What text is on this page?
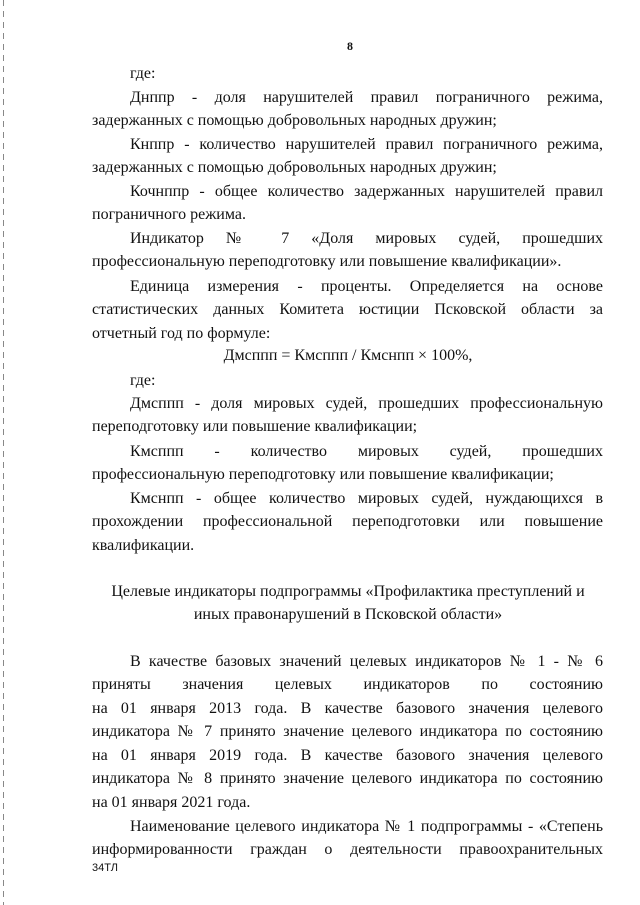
8
где:
Днппр - доля нарушителей правил пограничного режима,
задержанных с помощью добровольных народных дружин;
Кнппр - количество нарушителей правил пограничного режима,
задержанных с помощью добровольных народных дружин;
Кочнппр - общее количество задержанных нарушителей правил
пограничного режима.
Индикатор № 7 «Доля мировых судей, прошедших
профессиональную переподготовку или повышение квалификации».
Единица измерения - проценты. Определяется на основе
статистических данных Комитета юстиции Псковской области за
отчетный год по формуле:
Дмсппп = Кмсппп / Кмснпп × 100%,
где:
Дмсппп - доля мировых судей, прошедших профессиональную
переподготовку или повышение квалификации;
Кмсппп - количество мировых судей, прошедших
профессиональную переподготовку или повышение квалификации;
Кмснпп - общее количество мировых судей, нуждающихся в
прохождении профессиональной переподготовки или повышение
квалификации.
Целевые индикаторы подпрограммы «Профилактика преступлений и
иных правонарушений в Псковской области»
В качестве базовых значений целевых индикаторов № 1 - № 6
приняты значения целевых индикаторов по состоянию
на 01 января 2013 года. В качестве базового значения целевого
индикатора № 7 принято значение целевого индикатора по состоянию
на 01 января 2019 года. В качестве базового значения целевого
индикатора № 8 принято значение целевого индикатора по состоянию
на 01 января 2021 года.
Наименование целевого индикатора № 1 подпрограммы - «Степень
информированности граждан о деятельности правоохранительных
34ТЛ
